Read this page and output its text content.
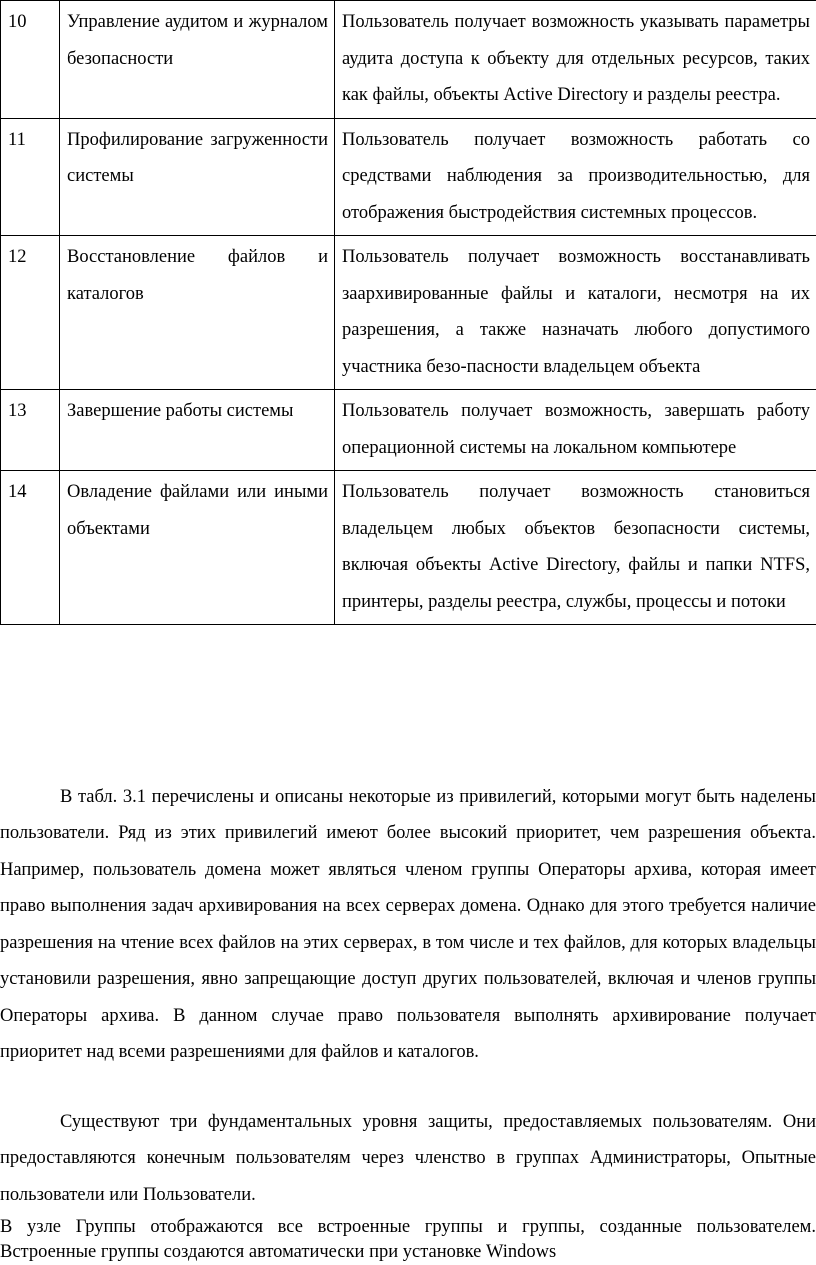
10	Управление аудитом и журналом безопасности	Пользователь получает возможность указывать параметры аудита доступа к объекту для отдельных ресурсов, таких как файлы, объекты Active Directory и разделы реестра.
11	Профилирование загруженности системы	Пользователь получает возможность работать со средствами наблюдения за производительностью, для отображения быстродействия системных процессов.
12	Восстановление файлов и каталогов	Пользователь получает возможность восстанавливать заархивированные файлы и каталоги, несмотря на их разрешения, а также назначать любого допустимого участника безо-пасности владельцем объекта
13	Завершение работы системы	Пользователь получает возможность, завершать работу операционной системы на локальном компьютере
14	Овладение файлами или иными объектами	Пользователь получает возможность становиться владельцем любых объектов безопасности системы, включая объекты Active Directory, файлы и папки NTFS, принтеры, разделы реестра, службы, процессы и потоки

В табл. 3.1 перечислены и описаны некоторые из привилегий, которыми могут быть наделены пользователи. Ряд из этих привилегий имеют более высокий приоритет, чем разрешения объекта. Например, пользователь домена может являться членом группы Операторы архива, которая имеет право выполнения задач архивирования на всех серверах домена. Однако для этого требуется наличие разрешения на чтение всех файлов на этих серверах, в том числе и тех файлов, для которых владельцы установили разрешения, явно запрещающие доступ других пользователей, включая и членов группы Операторы архива. В данном случае право пользователя выполнять архивирование получает приоритет над всеми разрешениями для файлов и каталогов.

Существуют три фундаментальных уровня защиты, предоставляемых пользователям. Они предоставляются конечным пользователям через членство в группах Администраторы, Опытные пользователи или Пользователи.

В узле Группы отображаются все встроенные группы и группы, созданные пользователем. Встроенные группы создаются автоматически при установке Windows
